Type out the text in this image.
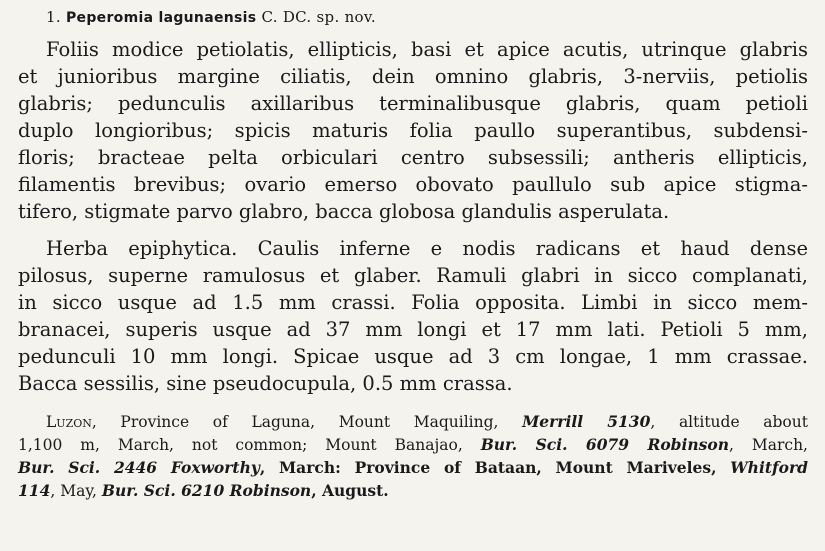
1. Peperomia lagunaensis C. DC. sp. nov.
Foliis modice petiolatis, ellipticis, basi et apice acutis, utrinque glabris
et junioribus margine ciliatis, dein omnino glabris, 3-nerviis, petiolis
glabris; pedunculis axillaribus terminalibusque glabris, quam petioli
duplo longioribus; spicis maturis folia paullo superantibus, subdensi-
floris; bracteae pelta orbiculari centro subsessili; antheris ellipticis,
filamentis brevibus; ovario emerso obovato paullulo sub apice stigma-
tifero, stigmate parvo glabro, bacca globosa glandulis asperulata.
Herba epiphytica. Caulis inferne e nodis radicans et haud dense
pilosus, superne ramulosus et glaber. Ramuli glabri in sicco complanati,
in sicco usque ad 1.5 mm crassi. Folia opposita. Limbi in sicco mem-
branacei, superis usque ad 37 mm longi et 17 mm lati. Petioli 5 mm,
pedunculi 10 mm longi. Spicae usque ad 3 cm longae, 1 mm crassae.
Bacca sessilis, sine pseudocupula, 0.5 mm crassa.
Luzon, Province of Laguna, Mount Maquiling, Merrill 5130, altitude about
1,100 m, March, not common; Mount Banajao, Bur. Sci. 6079 Robinson, March,
Bur. Sci. 2446 Foxworthy, March: Province of Bataan, Mount Mariveles, Whitford
114, May, Bur. Sci. 6210 Robinson, August.
